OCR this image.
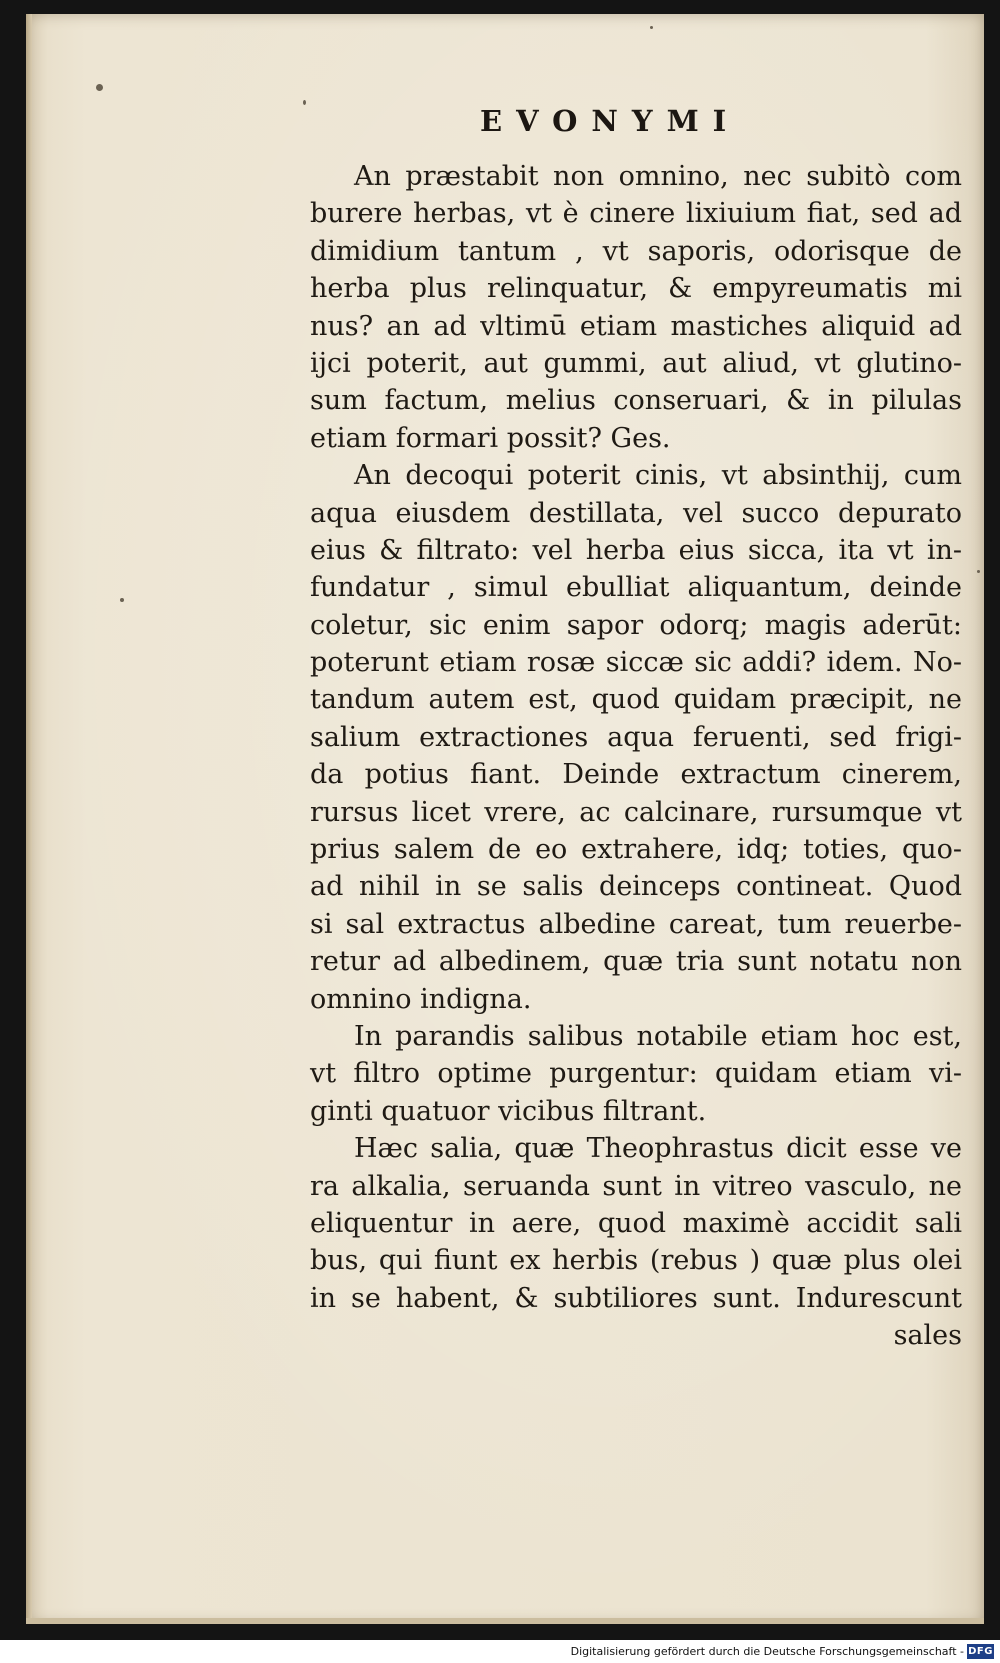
EVONYMI
An præstabit non omnino, nec subitò com
burere herbas, vt è cinere lixiuium fiat, sed ad
dimidium tantum , vt saporis, odorisque de
herba plus relinquatur, & empyreumatis mi
nus? an ad vltimū etiam mastiches aliquid ad
ijci poterit, aut gummi, aut aliud, vt glutino-
sum factum, melius conseruari, & in pilulas
etiam formari possit? Ges.
An decoqui poterit cinis, vt absinthij, cum
aqua eiusdem destillata, vel succo depurato
eius & filtrato: vel herba eius sicca, ita vt in-
fundatur , simul ebulliat aliquantum, deinde
coletur, sic enim sapor odorq; magis aderūt:
poterunt etiam rosæ siccæ sic addi? idem. No-
tandum autem est, quod quidam præcipit, ne
salium extractiones aqua feruenti, sed frigi-
da potius fiant. Deinde extractum cinerem,
rursus licet vrere, ac calcinare, rursumque vt
prius salem de eo extrahere, idq; toties, quo-
ad nihil in se salis deinceps contineat. Quod
si sal extractus albedine careat, tum reuerbe-
retur ad albedinem, quæ tria sunt notatu non
omnino indigna.
In parandis salibus notabile etiam hoc est,
vt filtro optime purgentur: quidam etiam vi-
ginti quatuor vicibus filtrant.
Hæc salia, quæ Theophrastus dicit esse ve
ra alkalia, seruanda sunt in vitreo vasculo, ne
eliquentur in aere, quod maximè accidit sali
bus, qui fiunt ex herbis (rebus ) quæ plus olei
in se habent, & subtiliores sunt. Indurescunt
sales
Digitalisierung gefördert durch die Deutsche Forschungsgemeinschaft - DFG
